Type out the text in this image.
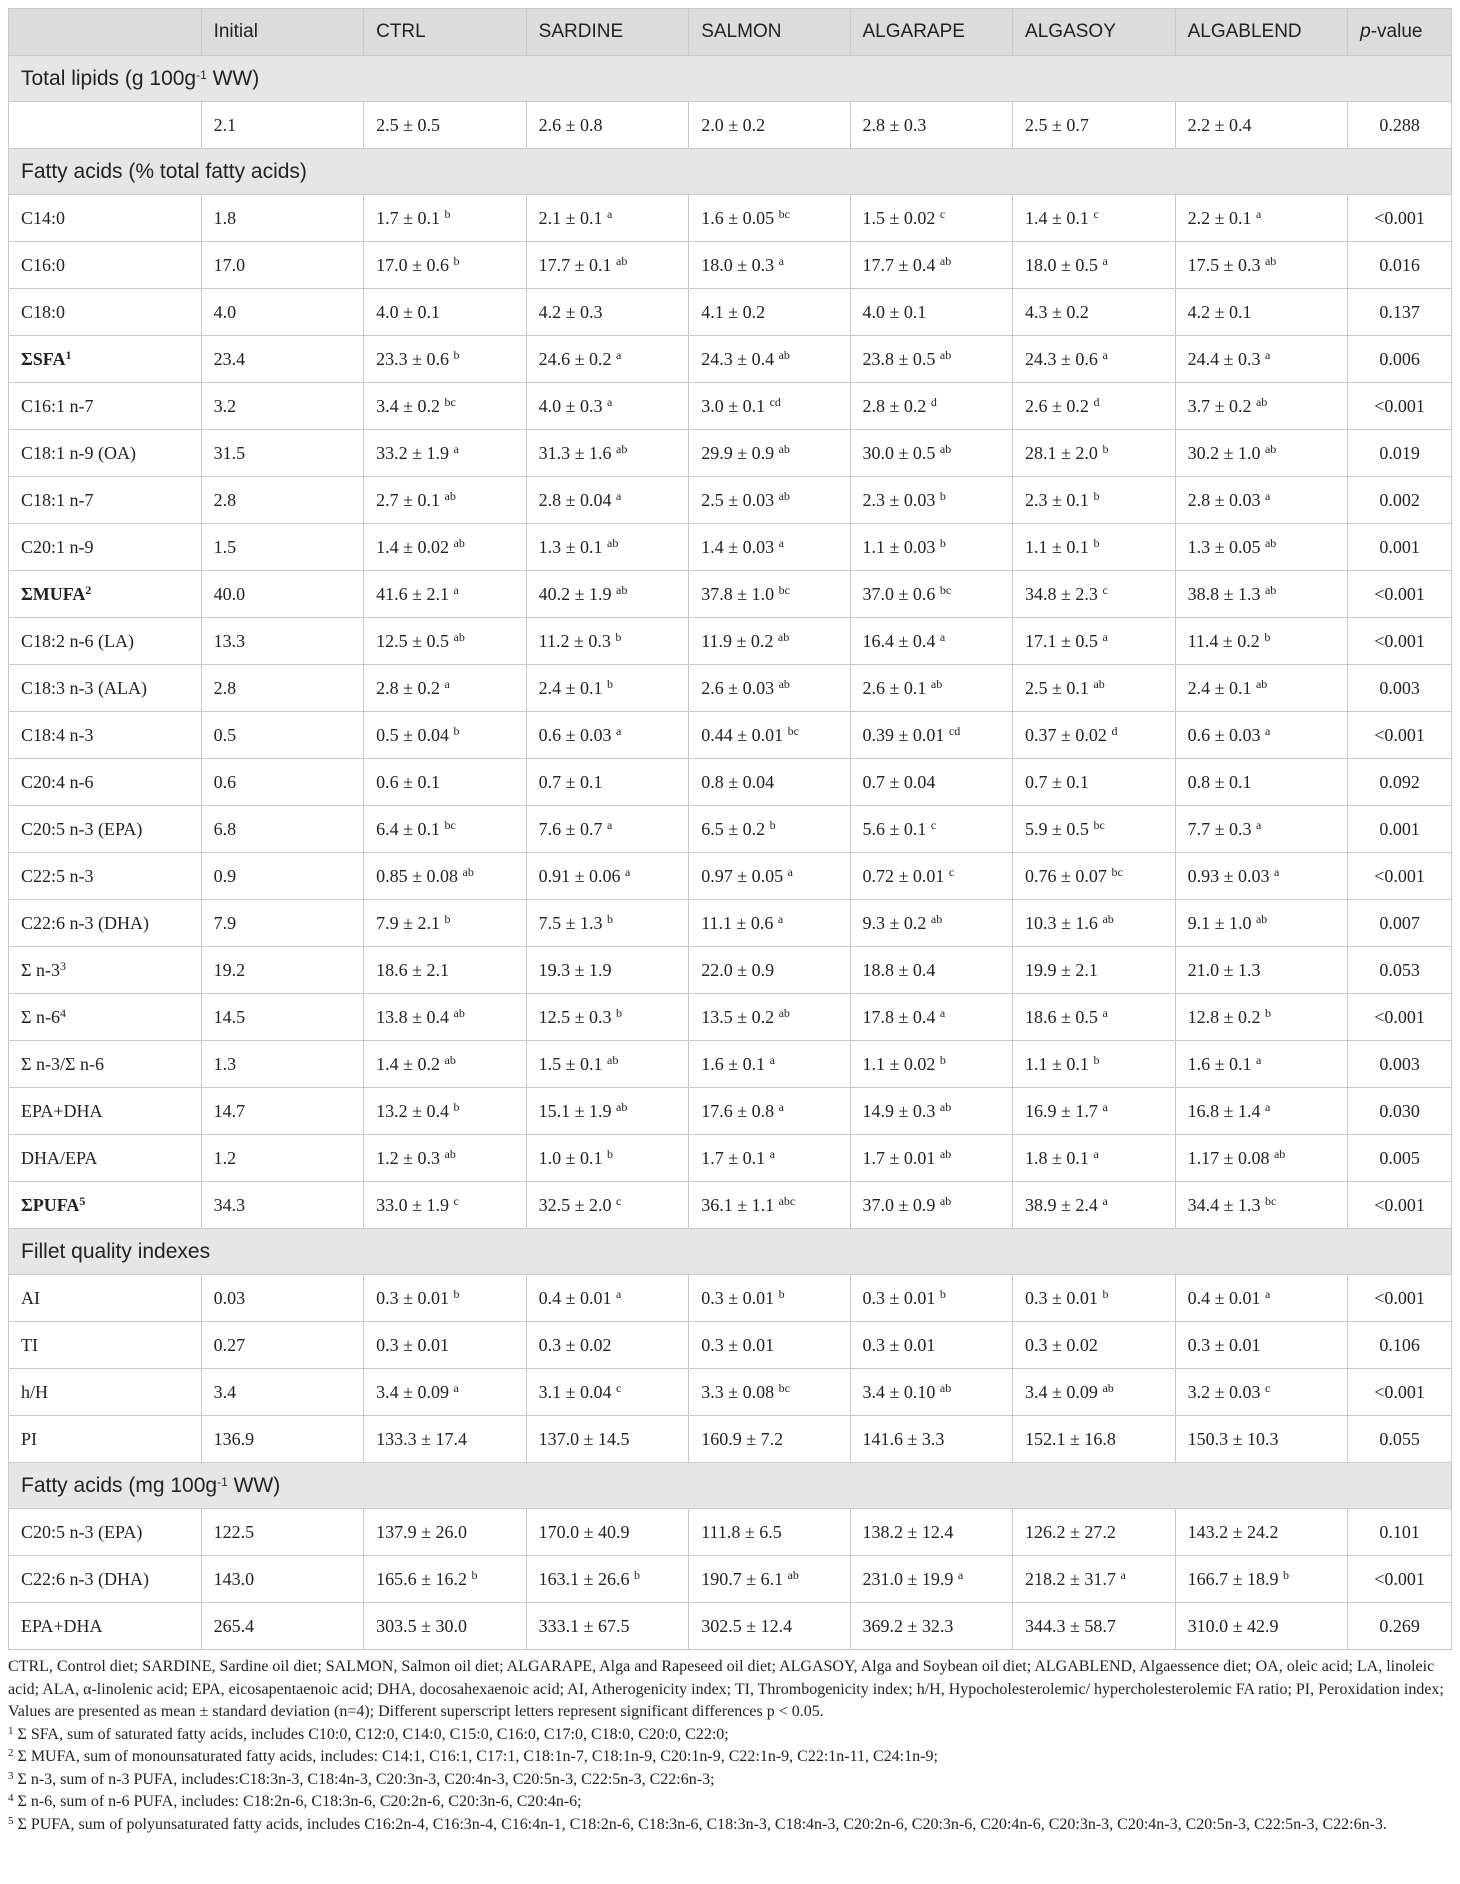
	Initial	CTRL	SARDINE	SALMON	ALGARAPE	ALGASOY	ALGABLEND	p-value
Total lipids (g $100g^{-1}$ WW)								
	2.1	2.5 ± 0.5	2.6 ± 0.8	2.0 ± 0.2	2.8 ± 0.3	2.5 ± 0.7	2.2 ± 0.4	0.288
Fatty acids (% total fatty acids)								
C14:0	1.8	1.7 ± 0.1 $^b$	2.1 ± 0.1 $^a$	1.6 ± 0.05 $^{bc}$	1.5 ± 0.02 $^c$	1.4 ± 0.1 $^c$	2.2 ± 0.1 $^a$	<0.001
C16:0	17.0	17.0 ± 0.6 $^b$	17.7 ± 0.1 $^{ab}$	18.0 ± 0.3 $^a$	17.7 ± 0.4 $^{ab}$	18.0 ± 0.5 $^a$	17.5 ± 0.3 $^{ab}$	0.016
C18:0	4.0	4.0 ± 0.1	4.2 ± 0.3	4.1 ± 0.2	4.0 ± 0.1	4.3 ± 0.2	4.2 ± 0.1	0.137
ΣSFA$^1$	23.4	23.3 ± 0.6 $^b$	24.6 ± 0.2 $^a$	24.3 ± 0.4 $^{ab}$	23.8 ± 0.5 $^{ab}$	24.3 ± 0.6 $^a$	24.4 ± 0.3 $^a$	0.006
C16:1 n-7	3.2	3.4 ± 0.2 $^{bc}$	4.0 ± 0.3 $^a$	3.0 ± 0.1 $^{cd}$	2.8 ± 0.2 $^d$	2.6 ± 0.2 $^d$	3.7 ± 0.2 $^{ab}$	<0.001
C18:1 n-9 (OA)	31.5	33.2 ± 1.9 $^a$	31.3 ± 1.6 $^{ab}$	29.9 ± 0.9 $^{ab}$	30.0 ± 0.5 $^{ab}$	28.1 ± 2.0 $^b$	30.2 ± 1.0 $^{ab}$	0.019
C18:1 n-7	2.8	2.7 ± 0.1 $^{ab}$	2.8 ± 0.04 $^a$	2.5 ± 0.03 $^{ab}$	2.3 ± 0.03 $^b$	2.3 ± 0.1 $^b$	2.8 ± 0.03 $^a$	0.002
C20:1 n-9	1.5	1.4 ± 0.02 $^{ab}$	1.3 ± 0.1 $^{ab}$	1.4 ± 0.03 $^a$	1.1 ± 0.03 $^b$	1.1 ± 0.1 $^b$	1.3 ± 0.05 $^{ab}$	0.001
ΣMUFA$^2$	40.0	41.6 ± 2.1 $^a$	40.2 ± 1.9 $^{ab}$	37.8 ± 1.0 $^{bc}$	37.0 ± 0.6 $^{bc}$	34.8 ± 2.3 $^c$	38.8 ± 1.3 $^{ab}$	<0.001
C18:2 n-6 (LA)	13.3	12.5 ± 0.5 $^{ab}$	11.2 ± 0.3 $^b$	11.9 ± 0.2 $^{ab}$	16.4 ± 0.4 $^a$	17.1 ± 0.5 $^a$	11.4 ± 0.2 $^b$	<0.001
C18:3 n-3 (ALA)	2.8	2.8 ± 0.2 $^a$	2.4 ± 0.1 $^b$	2.6 ± 0.03 $^{ab}$	2.6 ± 0.1 $^{ab}$	2.5 ± 0.1 $^{ab}$	2.4 ± 0.1 $^{ab}$	0.003
C18:4 n-3	0.5	0.5 ± 0.04 $^b$	0.6 ± 0.03 $^a$	0.44 ± 0.01 $^{bc}$	0.39 ± 0.01 $^{cd}$	0.37 ± 0.02 $^d$	0.6 ± 0.03 $^a$	<0.001
C20:4 n-6	0.6	0.6 ± 0.1	0.7 ± 0.1	0.8 ± 0.04	0.7 ± 0.04	0.7 ± 0.1	0.8 ± 0.1	0.092
C20:5 n-3 (EPA)	6.8	6.4 ± 0.1 $^{bc}$	7.6 ± 0.7 $^a$	6.5 ± 0.2 $^b$	5.6 ± 0.1 $^c$	5.9 ± 0.5 $^{bc}$	7.7 ± 0.3 $^a$	0.001
C22:5 n-3	0.9	0.85 ± 0.08 $^{ab}$	0.91 ± 0.06 $^a$	0.97 ± 0.05 $^a$	0.72 ± 0.01 $^c$	0.76 ± 0.07 $^{bc}$	0.93 ± 0.03 $^a$	<0.001
C22:6 n-3 (DHA)	7.9	7.9 ± 2.1 $^b$	7.5 ± 1.3 $^b$	11.1 ± 0.6 $^a$	9.3 ± 0.2 $^{ab}$	10.3 ± 1.6 $^{ab}$	9.1 ± 1.0 $^{ab}$	0.007
Σ $n-3^3$	19.2	18.6 ± 2.1	19.3 ± 1.9	22.0 ± 0.9	18.8 ± 0.4	19.9 ± 2.1	21.0 ± 1.3	0.053
Σ $n-6^4$	14.5	13.8 ± 0.4 $^{ab}$	12.5 ± 0.3 $^b$	13.5 ± 0.2 $^{ab}$	17.8 ± 0.4 $^a$	18.6 ± 0.5 $^a$	12.8 ± 0.2 $^b$	<0.001
Σ n-3/Σ n-6	1.3	1.4 ± 0.2 $^{ab}$	1.5 ± 0.1 $^{ab}$	1.6 ± 0.1 $^a$	1.1 ± 0.02 $^b$	1.1 ± 0.1 $^b$	1.6 ± 0.1 $^a$	0.003
EPA+DHA	14.7	13.2 ± 0.4 $^b$	15.1 ± 1.9 $^{ab}$	17.6 ± 0.8 $^a$	14.9 ± 0.3 $^{ab}$	16.9 ± 1.7 $^a$	16.8 ± 1.4 $^a$	0.030
DHA/EPA	1.2	1.2 ± 0.3 $^{ab}$	1.0 ± 0.1 $^b$	1.7 ± 0.1 $^a$	1.7 ± 0.01 $^{ab}$	1.8 ± 0.1 $^a$	1.17 ± 0.08 $^{ab}$	0.005
ΣPUFA$^5$	34.3	33.0 ± 1.9 $^c$	32.5 ± 2.0 $^c$	36.1 ± 1.1 $^{abc}$	37.0 ± 0.9 $^{ab}$	38.9 ± 2.4 $^a$	34.4 ± 1.3 $^{bc}$	<0.001
Fillet quality indexes								
AI	0.03	0.3 ± 0.01 $^b$	0.4 ± 0.01 $^a$	0.3 ± 0.01 $^b$	0.3 ± 0.01 $^b$	0.3 ± 0.01 $^b$	0.4 ± 0.01 $^a$	<0.001
TI	0.27	0.3 ± 0.01	0.3 ± 0.02	0.3 ± 0.01	0.3 ± 0.01	0.3 ± 0.02	0.3 ± 0.01	0.106
h/H	3.4	3.4 ± 0.09 $^a$	3.1 ± 0.04 $^c$	3.3 ± 0.08 $^{bc}$	3.4 ± 0.10 $^{ab}$	3.4 ± 0.09 $^{ab}$	3.2 ± 0.03 $^c$	<0.001
PI	136.9	133.3 ± 17.4	137.0 ± 14.5	160.9 ± 7.2	141.6 ± 3.3	152.1 ± 16.8	150.3 ± 10.3	0.055
Fatty acids (mg $100g^{-1}$ WW)								
C20:5 n-3 (EPA)	122.5	137.9 ± 26.0	170.0 ± 40.9	111.8 ± 6.5	138.2 ± 12.4	126.2 ± 27.2	143.2 ± 24.2	0.101
C22:6 n-3 (DHA)	143.0	165.6 ± 16.2 $^b$	163.1 ± 26.6 $^b$	190.7 ± 6.1 $^{ab}$	231.0 ± 19.9 $^a$	218.2 ± 31.7 $^a$	166.7 ± 18.9 $^b$	<0.001
EPA+DHA	265.4	303.5 ± 30.0	333.1 ± 67.5	302.5 ± 12.4	369.2 ± 32.3	344.3 ± 58.7	310.0 ± 42.9	0.269

CTRL, Control diet; SARDINE, Sardine oil diet; SALMON, Salmon oil diet; ALGARAPE, Alga and Rapeseed oil diet; ALGASOY, Alga and Soybean oil diet; ALGABLEND, Algaessence diet; OA, oleic acid; LA, linoleic acid; ALA, α-linolenic acid; EPA, eicosapentaenoic acid; DHA, docosahexaenoic acid; AI, Atherogenicity index; TI, Thrombogenicity index; h/H, Hypocholesterolemic/ hypercholesterolemic FA ratio; PI, Peroxidation index; Values are presented as mean ± standard deviation (n=4); Different superscript letters represent significant differences p < 0.05.

$^1$ Σ SFA, sum of saturated fatty acids, includes C10:0, C12:0, C14:0, C15:0, C16:0, C17:0, C18:0, C20:0, C22:0;

$^2$ Σ MUFA, sum of monounsaturated fatty acids, includes: C14:1, C16:1, C17:1, C18:1n-7, C18:1n-9, C20:1n-9, C22:1n-9, C22:1n-11, C24:1n-9;

$^3$ Σ n-3, sum of n-3 PUFA, includes:C18:3n-3, C18:4n-3, C20:3n-3, C20:4n-3, C20:5n-3, C22:5n-3, C22:6n-3;

$^4$ Σ n-6, sum of n-6 PUFA, includes: C18:2n-6, C18:3n-6, C20:2n-6, C20:3n-6, C20:4n-6;

$^5$ Σ PUFA, sum of polyunsaturated fatty acids, includes C16:2n-4, C16:3n-4, C16:4n-1, C18:2n-6, C18:3n-6, C18:3n-3, C18:4n-3, C20:2n-6, C20:3n-6, C20:4n-6, C20:3n-3, C20:4n-3, C20:5n-3, C22:5n-3, C22:6n-3.
